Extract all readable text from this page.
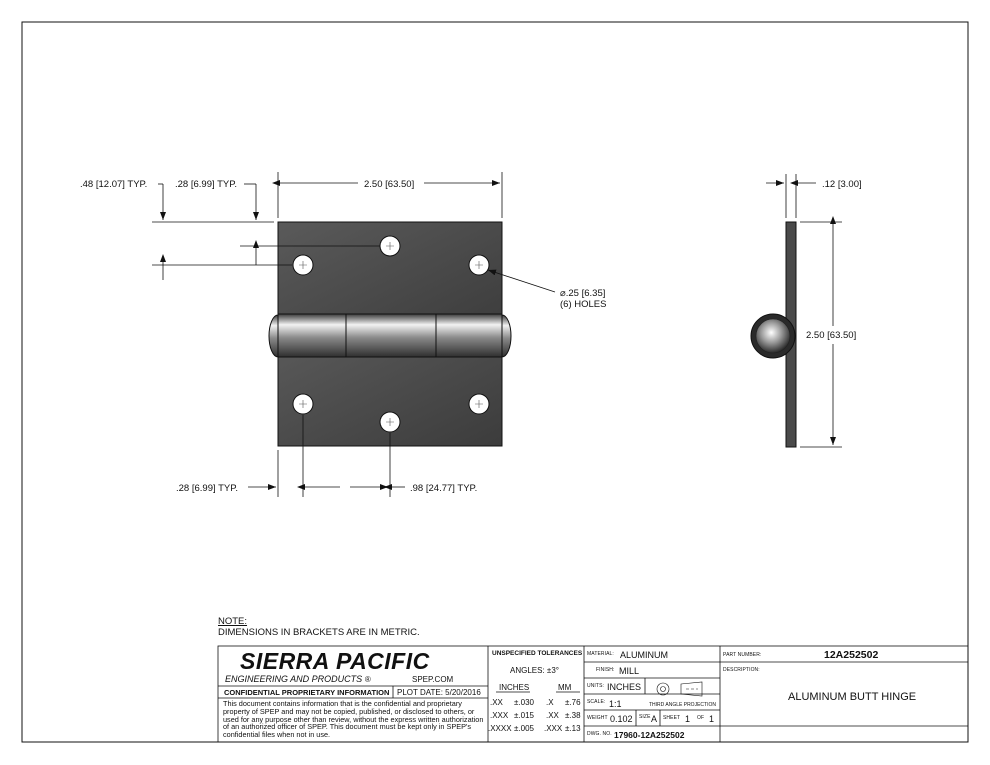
.48 [12.07] TYP.	.28 [6.99] TYP.	2.50 [63.50]
⌀.25 [6.35]
(6) HOLES
.28 [6.99] TYP.	.98 [24.77] TYP.
.12 [3.00]
2.50 [63.50]
NOTE:
DIMENSIONS IN BRACKETS ARE IN METRIC.
SIERRA PACIFIC
ENGINEERING AND PRODUCTS ®	SPEP.COM
CONFIDENTIAL PROPRIETARY INFORMATION PLOT DATE: 5/20/2016
This document contains information that is the confidential and proprietary property of SPEP and may not be copied, published, or disclosed to others, or used for any purpose other than review, without the express written authorization of an authorized officer of SPEP. This document must be kept only in SPEP's confidential files when not in use.
UNSPECIFIED TOLERANCES
ANGLES: ±3°
INCHES	MM
.XX ±.030 .X ±.76
.XXX ±.015 .XX ±.38
.XXXX ±.005 .XXX ±.13
MATERIAL: ALUMINUM
FINISH: MILL
UNITS: INCHES
THIRD ANGLE PROJECTION
SCALE: 1:1
WEIGHT 0.102 SIZE A SHEET 1 OF 1
DWG. NO. 17960-12A252502
PART NUMBER:	12A252502
DESCRIPTION:
ALUMINUM BUTT HINGE
